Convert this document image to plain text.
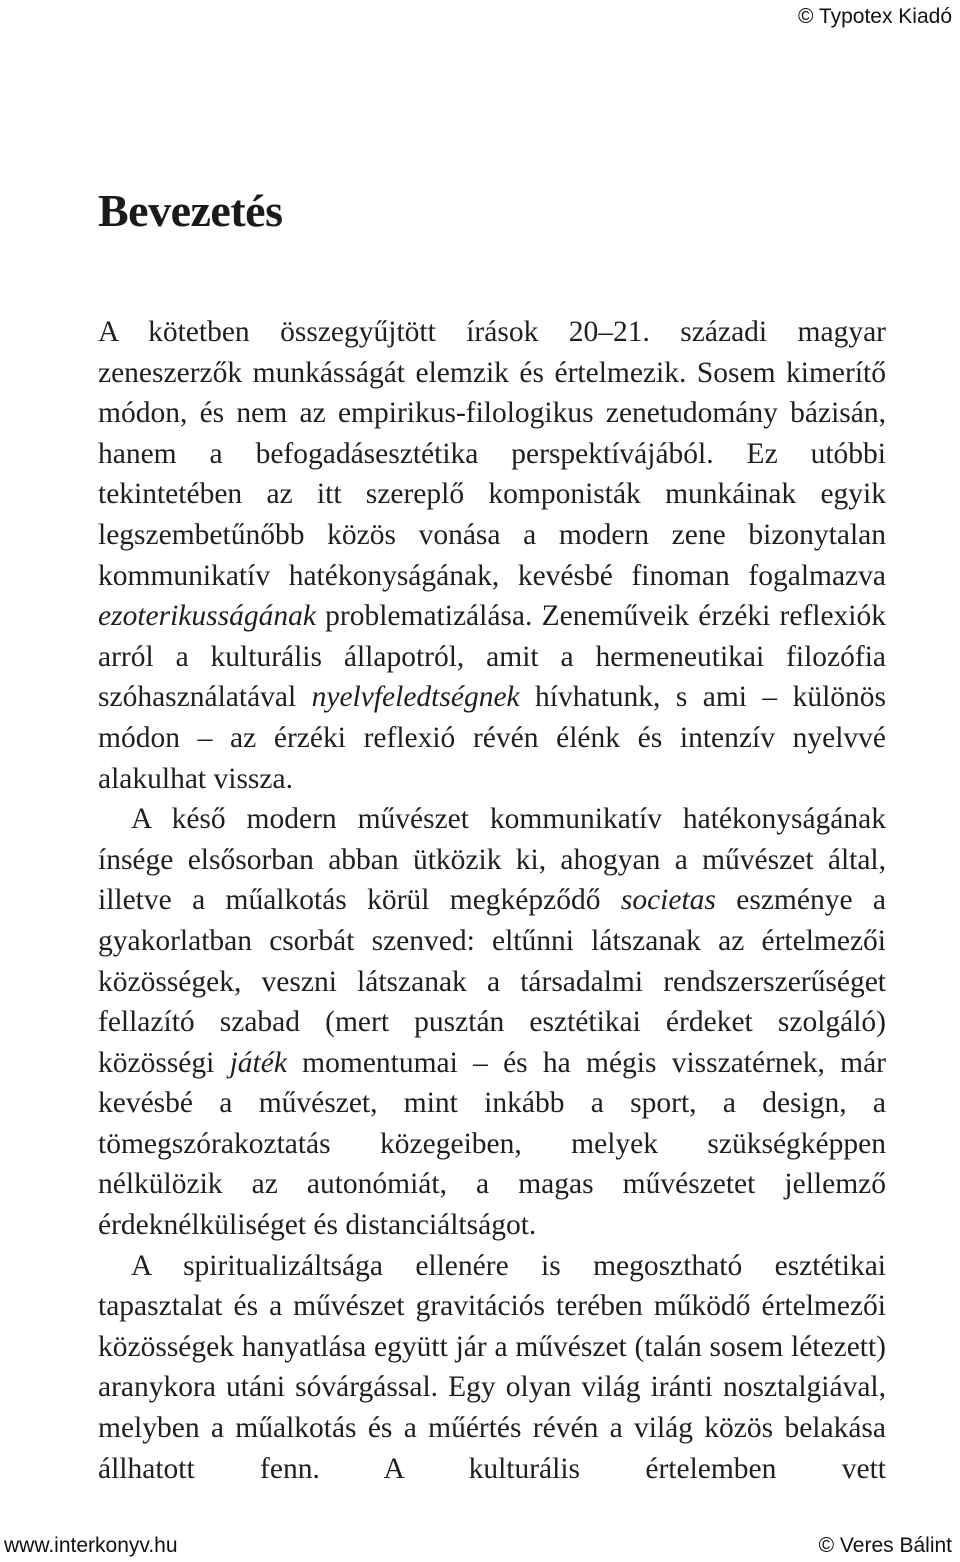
© Typotex Kiadó
Bevezetés

A kötetben összegyűjtött írások 20–21. századi magyar zeneszerzők munkásságát elemzik és értelmezik. Sosem kimerítő módon, és nem az empirikus-filologikus zenetudomány bázisán, hanem a befogadásesztétika perspektívájából. Ez utóbbi tekintetében az itt szereplő komponisták munkáinak egyik legszembetűnőbb közös vonása a modern zene bizonytalan kommunikatív hatékonyságának, kevésbé finoman fogalmazva ezoterikusságának problematizálása. Zeneműveik érzéki reflexiók arról a kulturális állapotról, amit a hermeneutikai filozófia szóhasználatával nyelvfeledtségnek hívhatunk, s ami – különös módon – az érzéki reflexió révén élénk és intenzív nyelvvé alakulhat vissza.

A késő modern művészet kommunikatív hatékonyságának ínsége elsősorban abban ütközik ki, ahogyan a művészet által, illetve a műalkotás körül megképződő societas eszménye a gyakorlatban csorbát szenved: eltűnni látszanak az értelmezői közösségek, veszni látszanak a társadalmi rendszerszerűséget fellazító szabad (mert pusztán esztétikai érdeket szolgáló) közösségi játék momentumai – és ha mégis visszatérnek, már kevésbé a művészet, mint inkább a sport, a design, a tömegszórakoztatás közegeiben, melyek szükségképpen nélkülözik az autonómiát, a magas művészetet jellemző érdeknélküliséget és distanciáltságot.

A spiritualizáltsága ellenére is megosztható esztétikai tapasztalat és a művészet gravitációs terében működő értelmezői közösségek hanyatlása együtt jár a művészet (talán sosem létezett) aranykora utáni sóvárgással. Egy olyan világ iránti nosztalgiával, melyben a műalkotás és a műértés révén a világ közös belakása állhatott fenn. A kulturális értelemben vett

www.interkonyv.hu	© Veres Bálint
